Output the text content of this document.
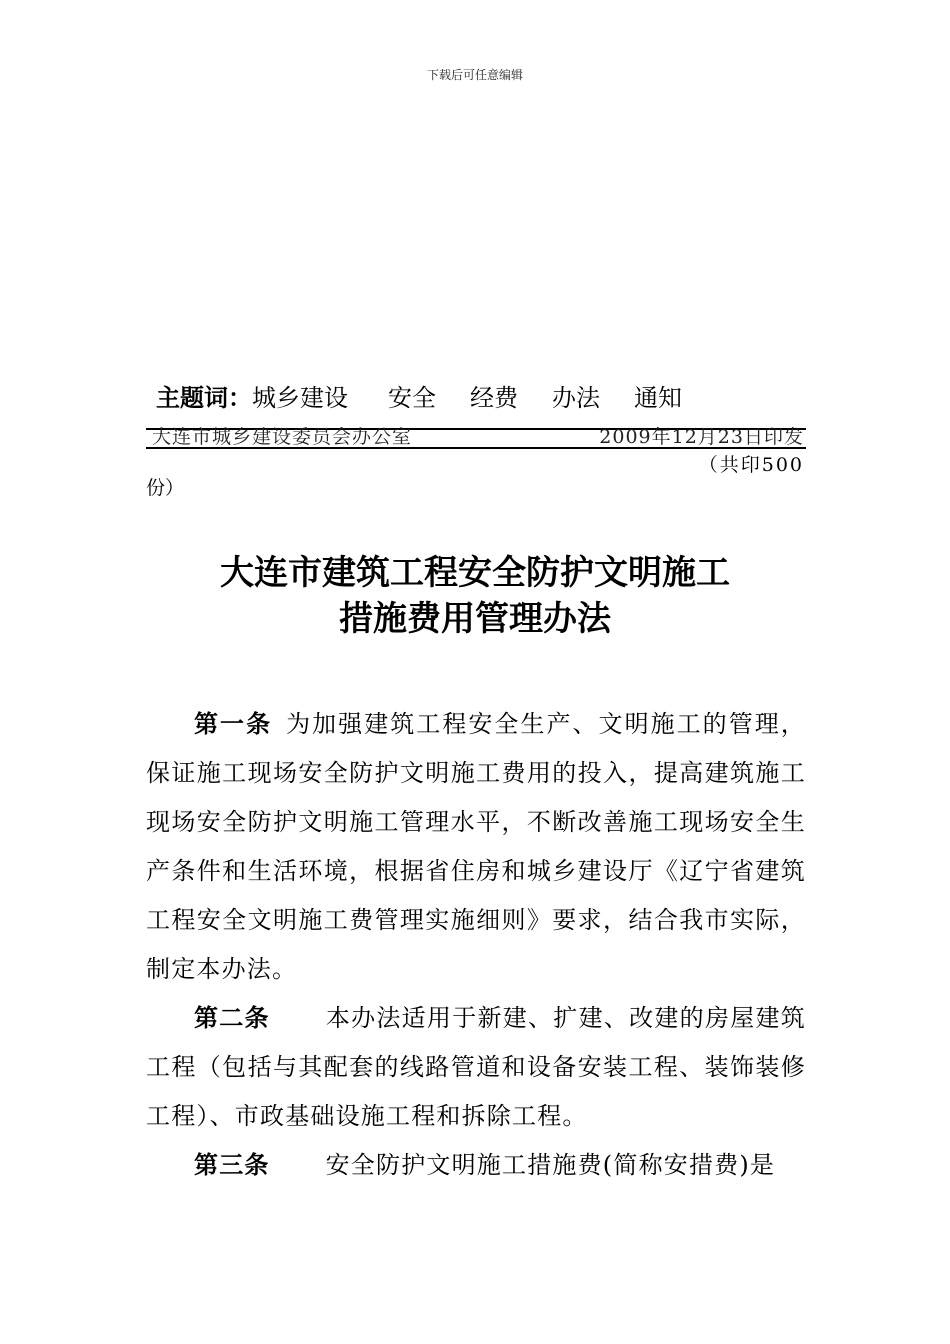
下载后可任意编辑
主题词：城乡建设 安全 经费 办法 通知
大连市城乡建设委员会办公室	2009年12月23日印发
（共印500
份）
大连市建筑工程安全防护文明施工
措施费用管理办法

第一条 为加强建筑工程安全生产、文明施工的管理，保证施工现场安全防护文明施工费用的投入，提高建筑施工现场安全防护文明施工管理水平，不断改善施工现场安全生产条件和生活环境，根据省住房和城乡建设厅《辽宁省建筑工程安全文明施工费管理实施细则》要求，结合我市实际，制定本办法。

第二条 本办法适用于新建、扩建、改建的房屋建筑工程（包括与其配套的线路管道和设备安装工程、装饰装修工程）、市政基础设施工程和拆除工程。

第三条 安全防护文明施工措施费(简称安措费)是
